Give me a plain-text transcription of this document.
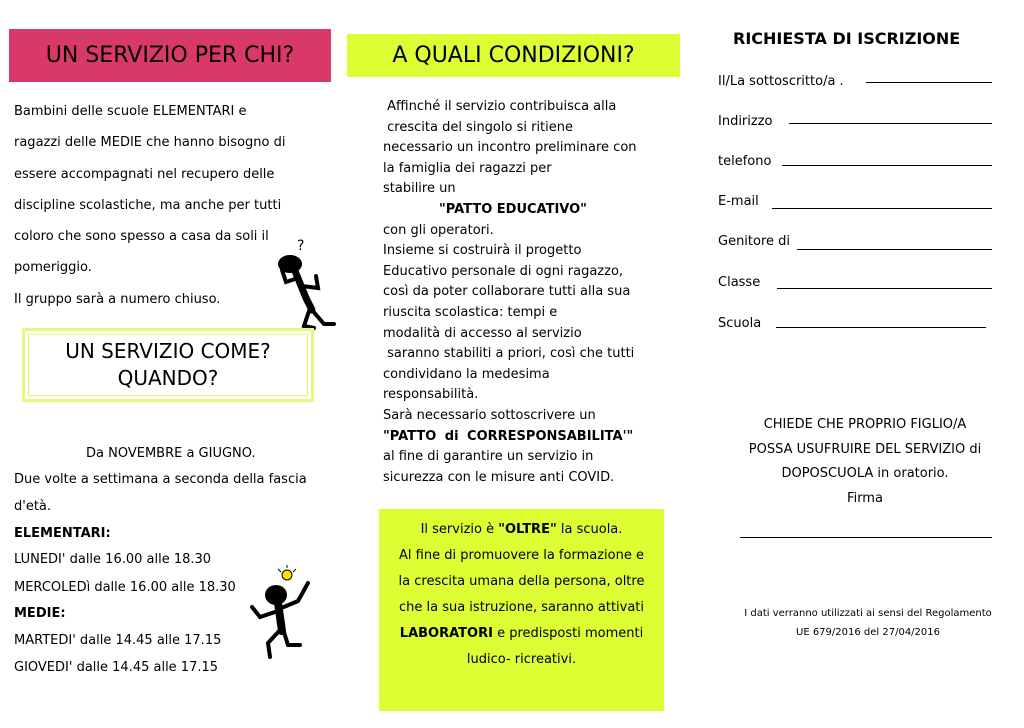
UN SERVIZIO PER CHI?
Bambini delle scuole ELEMENTARI e
ragazzi delle MEDIE che hanno bisogno di
essere accompagnati nel recupero delle
discipline scolastiche, ma anche per tutti
coloro che sono spesso a casa da soli il
pomeriggio.
Il gruppo sarà a numero chiuso.
?
UN SERVIZIO COME?
QUANDO?
Da NOVEMBRE a GIUGNO.
Due volte a settimana a seconda della fascia
d'età.
ELEMENTARI:
LUNEDI' dalle 16.00 alle 18.30
MERCOLEDì dalle 16.00 alle 18.30
MEDIE:
MARTEDI' dalle 14.45 alle 17.15
GIOVEDI' dalle 14.45 alle 17.15
A QUALI CONDIZIONI?
Affinché il servizio contribuisca alla
crescita del singolo si ritiene
necessario un incontro preliminare con
la famiglia dei ragazzi per
stabilire un
"PATTO EDUCATIVO"
con gli operatori.
Insieme si costruirà il progetto
Educativo personale di ogni ragazzo,
così da poter collaborare tutti alla sua
riuscita scolastica: tempi e
modalità di accesso al servizio
saranno stabiliti a priori, così che tutti
condividano la medesima
responsabilità.
Sarà necessario sottoscrivere un
"PATTO di CORRESPONSABILITA'"
al fine di garantire un servizio in
sicurezza con le misure anti COVID.
Il servizio è "OLTRE" la scuola.
Al fine di promuovere la formazione e
la crescita umana della persona, oltre
che la sua istruzione, saranno attivati
LABORATORI e predisposti momenti
ludico- ricreativi.
RICHIESTA DI ISCRIZIONE
Il/La sottoscritto/a .
Indirizzo
telefono
E-mail
Genitore di
Classe
Scuola
CHIEDE CHE PROPRIO FIGLIO/A
POSSA USUFRUIRE DEL SERVIZIO di
DOPOSCUOLA in oratorio.
Firma
I dati verranno utilizzati ai sensi del Regolamento
UE 679/2016 del 27/04/2016
